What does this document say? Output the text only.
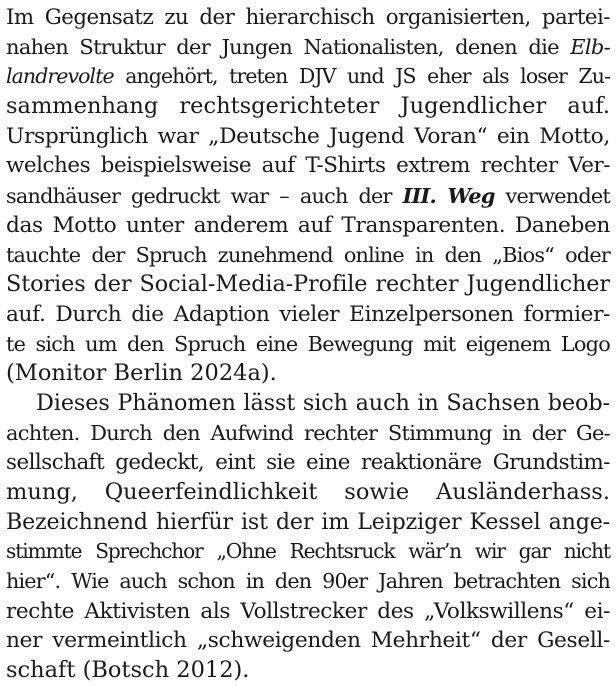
Im Gegensatz zu der hierarchisch organisierten, partei-
nahen Struktur der Jungen Nationalisten, denen die Elb-
landrevolte angehört, treten DJV und JS eher als loser Zu-
sammenhang rechtsgerichteter Jugendlicher auf.
Ursprünglich war „Deutsche Jugend Voran“ ein Motto,
welches beispielsweise auf T-Shirts extrem rechter Ver-
sandhäuser gedruckt war – auch der III. Weg verwendet
das Motto unter anderem auf Transparenten. Daneben
tauchte der Spruch zunehmend online in den „Bios“ oder
Stories der Social-Media-Profile rechter Jugendlicher
auf. Durch die Adaption vieler Einzelpersonen formier-
te sich um den Spruch eine Bewegung mit eigenem Logo
(Monitor Berlin 2024a).
Dieses Phänomen lässt sich auch in Sachsen beob-
achten. Durch den Aufwind rechter Stimmung in der Ge-
sellschaft gedeckt, eint sie eine reaktionäre Grundstim-
mung, Queerfeindlichkeit sowie Ausländerhass.
Bezeichnend hierfür ist der im Leipziger Kessel ange-
stimmte Sprechchor „Ohne Rechtsruck wär’n wir gar nicht
hier“. Wie auch schon in den 90er Jahren betrachten sich
rechte Aktivisten als Vollstrecker des „Volkswillens“ ei-
ner vermeintlich „schweigenden Mehrheit“ der Gesell-
schaft (Botsch 2012).
